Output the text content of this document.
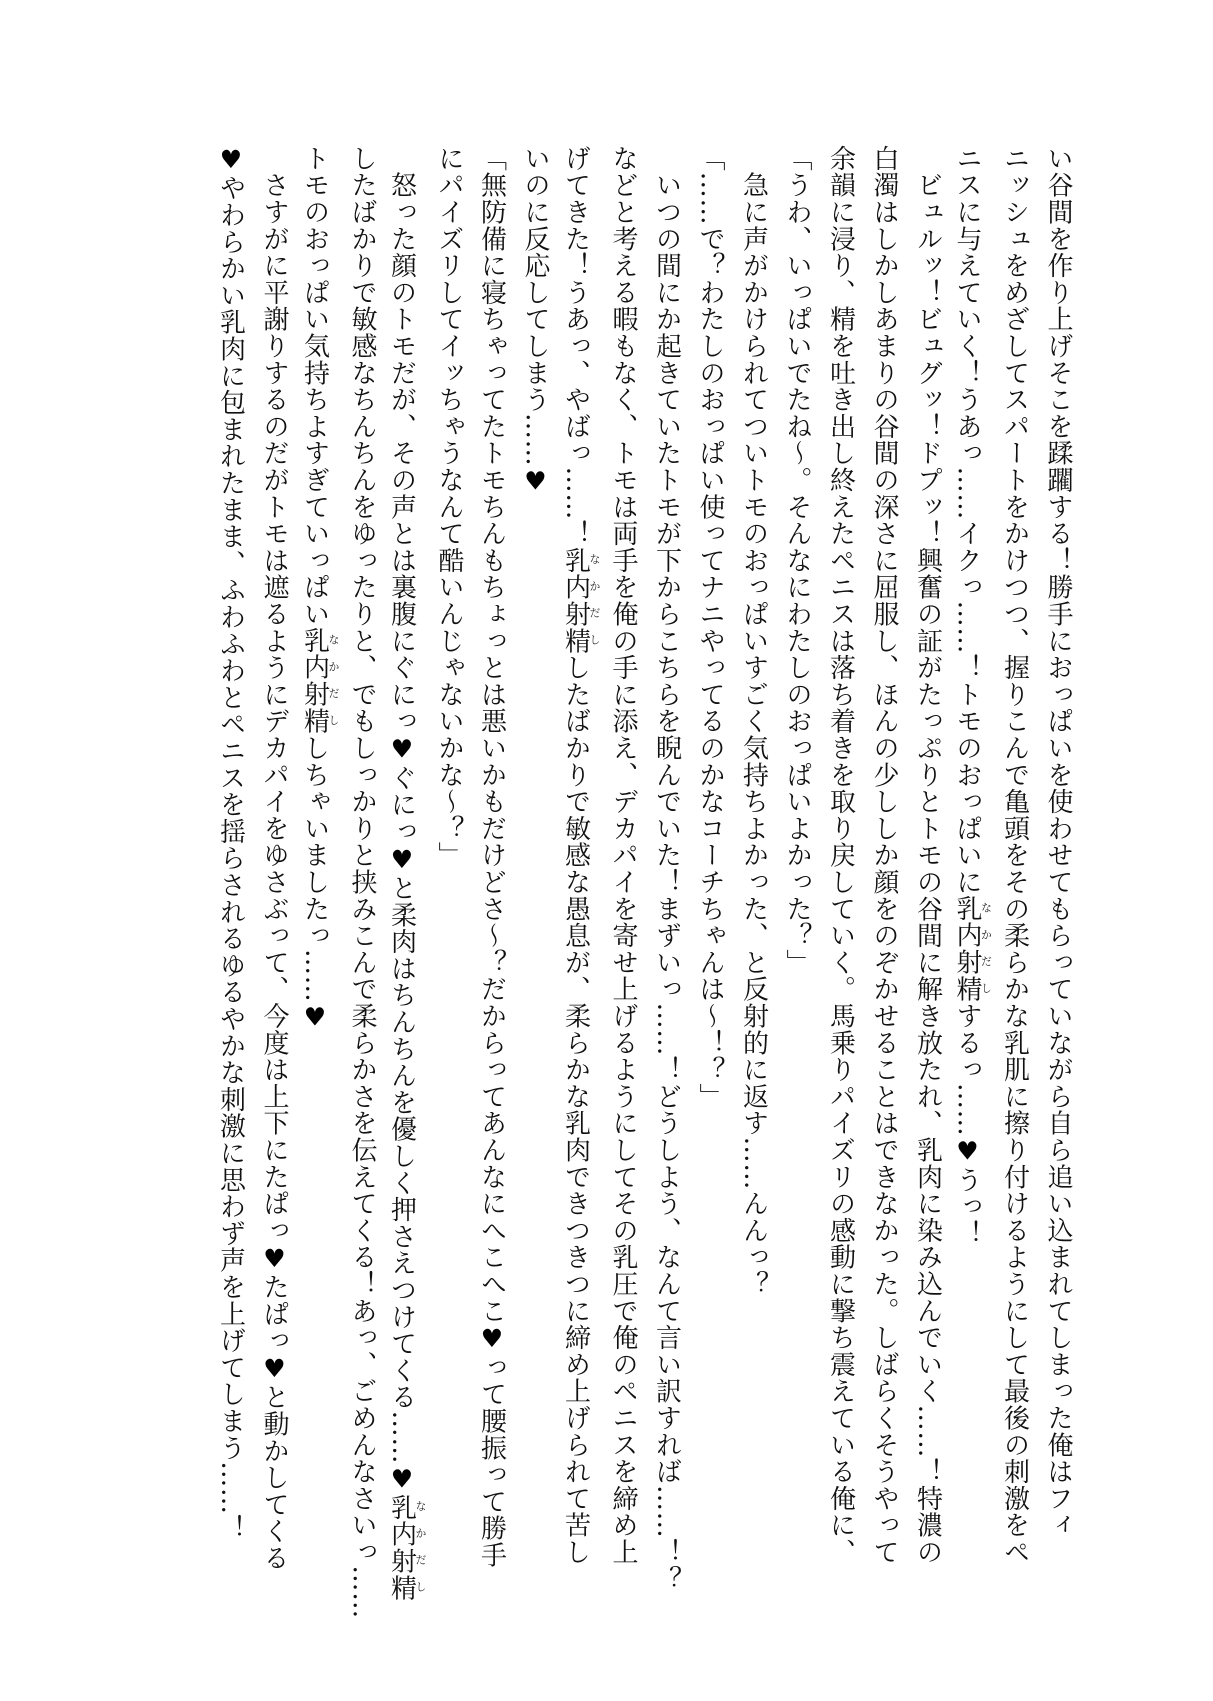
い谷間を作り上げそこを蹂躙する！勝手におっぱいを使わせてもらっていながら自ら追い込まれてしまった俺はフィ
ニッシュをめざしてスパートをかけつつ、握りこんで亀頭をその柔らかな乳肌に擦り付けるようにして最後の刺激をペ
ニスに与えていく！うあっ……イクっ……！トモのおっぱいに乳内射精なかだしするっ……♥うっ！
　ビュルッ！ビュグッ！ドプッ！興奮の証がたっぷりとトモの谷間に解き放たれ、乳肉に染み込んでいく……！特濃の
白濁はしかしあまりの谷間の深さに屈服し、ほんの少ししか顔をのぞかせることはできなかった。しばらくそうやって
余韻に浸り、精を吐き出し終えたペニスは落ち着きを取り戻していく。馬乗りパイズリの感動に撃ち震えている俺に、
「うわ、いっぱいでたね〜。そんなにわたしのおっぱいよかった？」
　急に声がかけられてついトモのおっぱいすごく気持ちよかった、と反射的に返す……んんっ？
「……で？わたしのおっぱい使ってナニやってるのかなコーチちゃんは〜！？」
　いつの間にか起きていたトモが下からこちらを睨んでいた！まずいっ……！どうしよう、なんて言い訳すれば……！？
などと考える暇もなく、トモは両手を俺の手に添え、デカパイを寄せ上げるようにしてその乳圧で俺のペニスを締め上
げてきた！うあっ、やばっ……！乳内射精なかだししたばかりで敏感な愚息が、柔らかな乳肉できつきつに締め上げられて苦し
いのに反応してしまう……♥
「無防備に寝ちゃってたトモちんもちょっとは悪いかもだけどさ〜？だからってあんなにへこへこ♥って腰振って勝手
にパイズリしてイッちゃうなんて酷いんじゃないかな〜？」
　怒った顔のトモだが、その声とは裏腹にぐにっ♥ぐにっ♥と柔肉はちんちんを優しく押さえつけてくる……♥乳内射精なかだし
したばかりで敏感なちんちんをゆったりと、でもしっかりと挟みこんで柔らかさを伝えてくる！あっ、ごめんなさいっ……
トモのおっぱい気持ちよすぎていっぱい乳内射精なかだししちゃいましたっ……♥
　さすがに平謝りするのだがトモは遮るようにデカパイをゆさぶって、今度は上下にたぱっ♥たぱっ♥と動かしてくる
♥やわらかい乳肉に包まれたまま、ふわふわとペニスを揺らされるゆるやかな刺激に思わず声を上げてしまう……！
